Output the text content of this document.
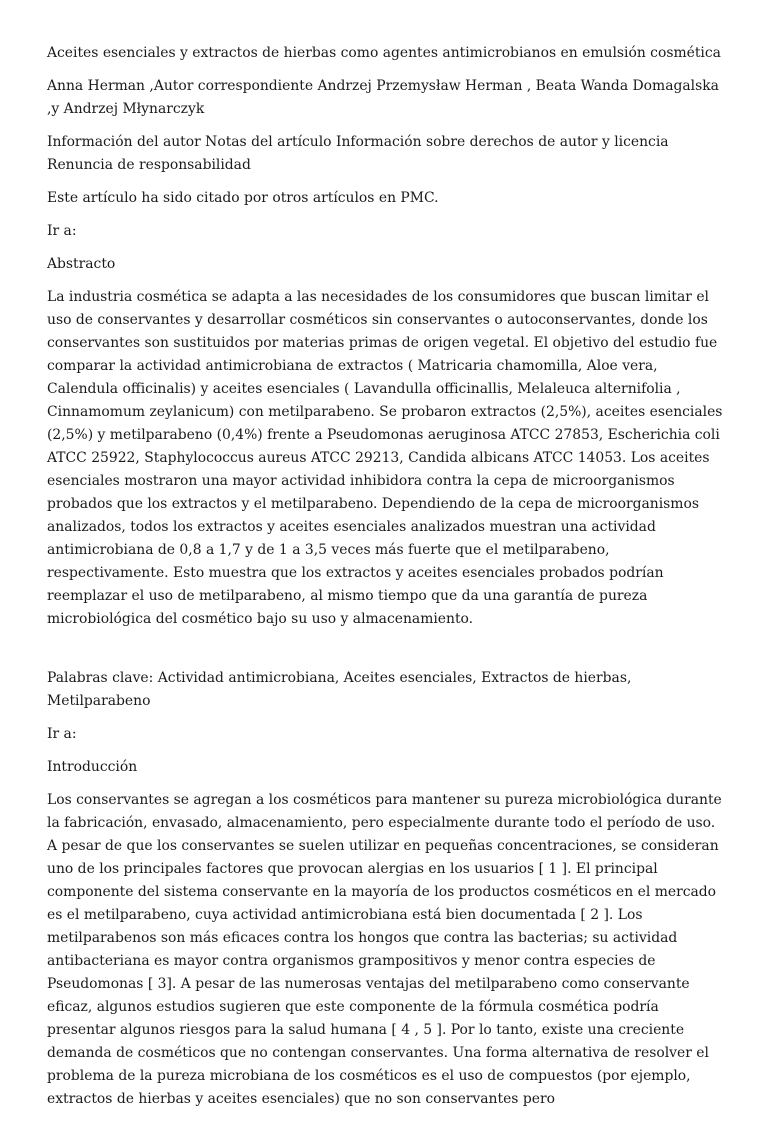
Aceites esenciales y extractos de hierbas como agentes antimicrobianos en emulsión cosmética

Anna Herman ,Autor correspondiente Andrzej Przemysław Herman , Beata Wanda Domagalska ,y Andrzej Młynarczyk

Información del autor Notas del artículo Información sobre derechos de autor y licencia Renuncia de responsabilidad

Este artículo ha sido citado por otros artículos en PMC.

Ir a:

Abstracto

La industria cosmética se adapta a las necesidades de los consumidores que buscan limitar el uso de conservantes y desarrollar cosméticos sin conservantes o autoconservantes, donde los conservantes son sustituidos por materias primas de origen vegetal. El objetivo del estudio fue comparar la actividad antimicrobiana de extractos ( Matricaria chamomilla, Aloe vera, Calendula officinalis) y aceites esenciales ( Lavandulla officinallis, Melaleuca alternifolia , Cinnamomum zeylanicum) con metilparabeno. Se probaron extractos (2,5%), aceites esenciales (2,5%) y metilparabeno (0,4%) frente a Pseudomonas aeruginosa ATCC 27853, Escherichia coli ATCC 25922, Staphylococcus aureus ATCC 29213, Candida albicans ATCC 14053. Los aceites esenciales mostraron una mayor actividad inhibidora contra la cepa de microorganismos probados que los extractos y el metilparabeno. Dependiendo de la cepa de microorganismos analizados, todos los extractos y aceites esenciales analizados muestran una actividad antimicrobiana de 0,8 a 1,7 y de 1 a 3,5 veces más fuerte que el metilparabeno, respectivamente. Esto muestra que los extractos y aceites esenciales probados podrían reemplazar el uso de metilparabeno, al mismo tiempo que da una garantía de pureza microbiológica del cosmético bajo su uso y almacenamiento.

Palabras clave: Actividad antimicrobiana, Aceites esenciales, Extractos de hierbas, Metilparabeno

Ir a:

Introducción

Los conservantes se agregan a los cosméticos para mantener su pureza microbiológica durante la fabricación, envasado, almacenamiento, pero especialmente durante todo el período de uso. A pesar de que los conservantes se suelen utilizar en pequeñas concentraciones, se consideran uno de los principales factores que provocan alergias en los usuarios [ 1 ]. El principal componente del sistema conservante en la mayoría de los productos cosméticos en el mercado es el metilparabeno, cuya actividad antimicrobiana está bien documentada [ 2 ]. Los metilparabenos son más eficaces contra los hongos que contra las bacterias; su actividad antibacteriana es mayor contra organismos grampositivos y menor contra especies de Pseudomonas [ 3]. A pesar de las numerosas ventajas del metilparabeno como conservante eficaz, algunos estudios sugieren que este componente de la fórmula cosmética podría presentar algunos riesgos para la salud humana [ 4 , 5 ]. Por lo tanto, existe una creciente demanda de cosméticos que no contengan conservantes. Una forma alternativa de resolver el problema de la pureza microbiana de los cosméticos es el uso de compuestos (por ejemplo, extractos de hierbas y aceites esenciales) que no son conservantes pero
